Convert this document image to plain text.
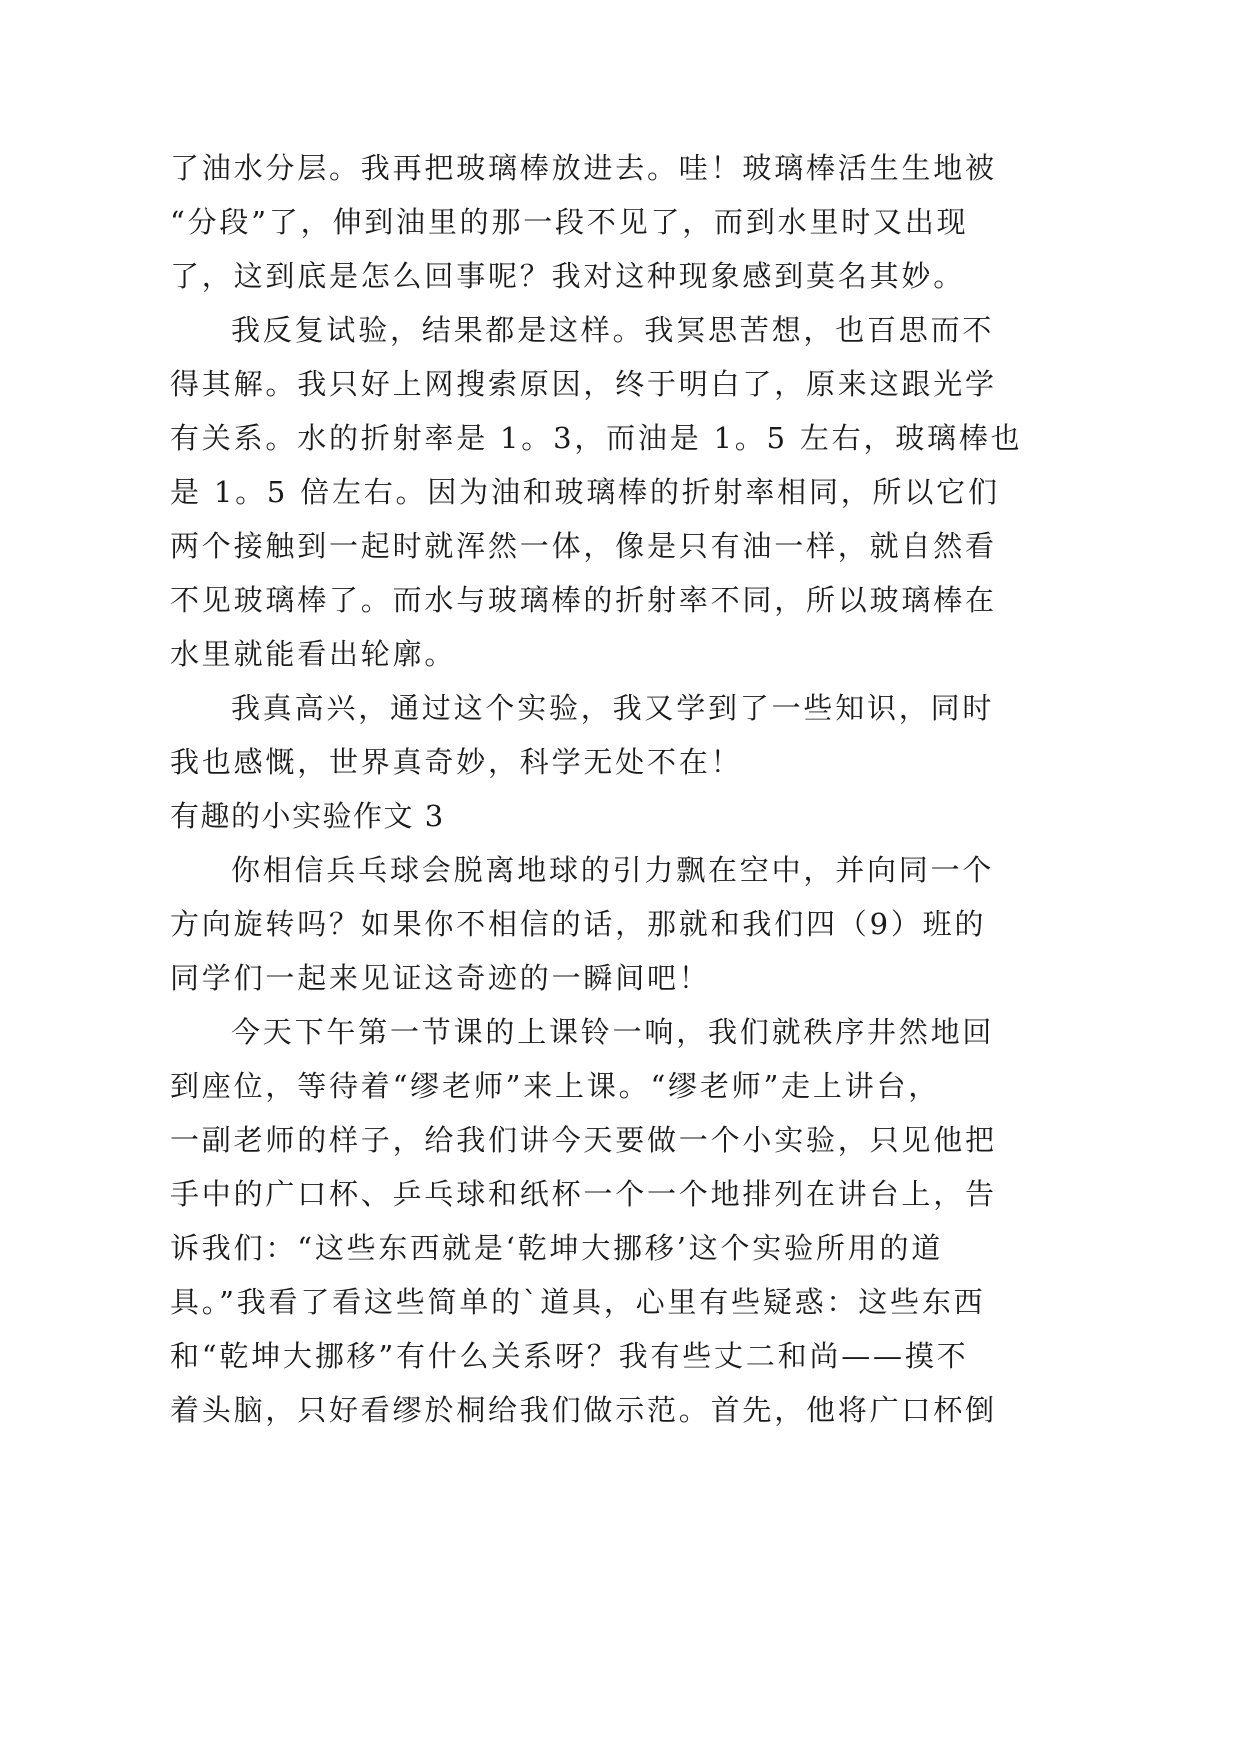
了油水分层。我再把玻璃棒放进去。哇！玻璃棒活生生地被
“分段”了，伸到油里的那一段不见了，而到水里时又出现
了，这到底是怎么回事呢？我对这种现象感到莫名其妙。
我反复试验，结果都是这样。我冥思苦想，也百思而不
得其解。我只好上网搜索原因，终于明白了，原来这跟光学
有关系。水的折射率是 1。3，而油是 1。5 左右，玻璃棒也
是 1。5 倍左右。因为油和玻璃棒的折射率相同，所以它们
两个接触到一起时就浑然一体，像是只有油一样，就自然看
不见玻璃棒了。而水与玻璃棒的折射率不同，所以玻璃棒在
水里就能看出轮廓。
我真高兴，通过这个实验，我又学到了一些知识，同时
我也感慨，世界真奇妙，科学无处不在！
有趣的小实验作文 3
你相信兵乓球会脱离地球的引力飘在空中，并向同一个
方向旋转吗？如果你不相信的话，那就和我们四（9）班的
同学们一起来见证这奇迹的一瞬间吧！
今天下午第一节课的上课铃一响，我们就秩序井然地回
到座位，等待着“缪老师”来上课。“缪老师”走上讲台，
一副老师的样子，给我们讲今天要做一个小实验，只见他把
手中的广口杯、乒乓球和纸杯一个一个地排列在讲台上，告
诉我们：“这些东西就是‘乾坤大挪移’这个实验所用的道
具。”我看了看这些简单的`道具，心里有些疑惑：这些东西
和“乾坤大挪移”有什么关系呀？我有些丈二和尚——摸不
着头脑，只好看缪於桐给我们做示范。首先，他将广口杯倒
